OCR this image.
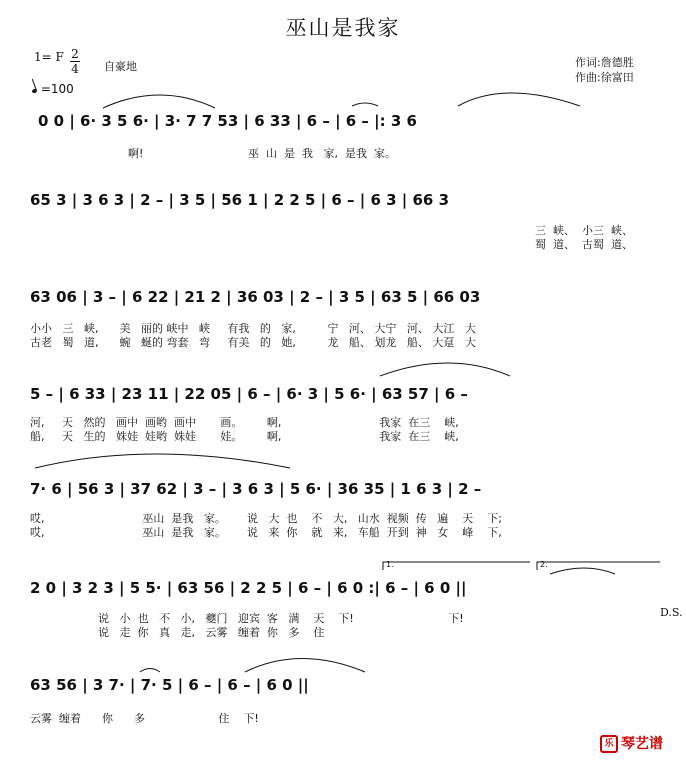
巫山是我家
1= F 2
4
=100
自豪地	作词:詹德胜
作曲:徐富田
0 0 | 6· 3 5 6· | 3· 7 7 53 | 6 33 | 6 – | 6 – |: 3 6
65 3 | 3 6 3 | 2 – | 3 5 | 56 1 | 2 2 5 | 6 – | 6 3 | 66 3
63 06 | 3 – | 6 22 | 21 2 | 36 03 | 2 – | 3 5 | 63 5 | 66 03
5 – | 6 33 | 23 11 | 22 05 | 6 – | 6· 3 | 5 6· | 63 57 | 6 –
7· 6 | 56 3 | 37 62 | 3 – | 3 6 3 | 5 6· | 36 35 | 1 6 3 | 2 –
2 0 | 3 2 3 | 5 5· | 63 56 | 2 2 5 | 6 – | 6 0 :| 6 – | 6 0 ||
63 56 | 3 7· | 7· 5 | 6 – | 6 – | 6 0 ||
1.	2.
啊!	巫  山  是  我   家,  是我  家。
三  峡、  小三  峡、
蜀  道、  古蜀  道、
小小   三   峡,      美   丽的 峡中   峡     有我   的   家,         宁   河、 大宁   河、 大江   大
古老   蜀   道,      蜿   蜒的 弯套   弯     有美   的   她,         龙   船、 划龙   船、 大趸   大
河,     天   然的   画中  画哟  画中       画。       啊,                            我家  在三    峡,
船,     天   生的   姝娃  娃哟  姝娃       娃。       啊,                            我家  在三    峡,
哎,                            巫山  是我   家。      说   大  也    不   大,   山水  视频  传   遍    天    下;
哎,                            巫山  是我   家。      说   来  你    就   来,   车船  开到  神   女    峰    下,
说   小  也   不   小,   夔门   迎宾  客   满    天    下!                           下!
说   走  你   真   走,   云雾   缠着  你   多    住
云雾  缠着      你      多                     住    下!
D.S.
乐 琴艺谱
